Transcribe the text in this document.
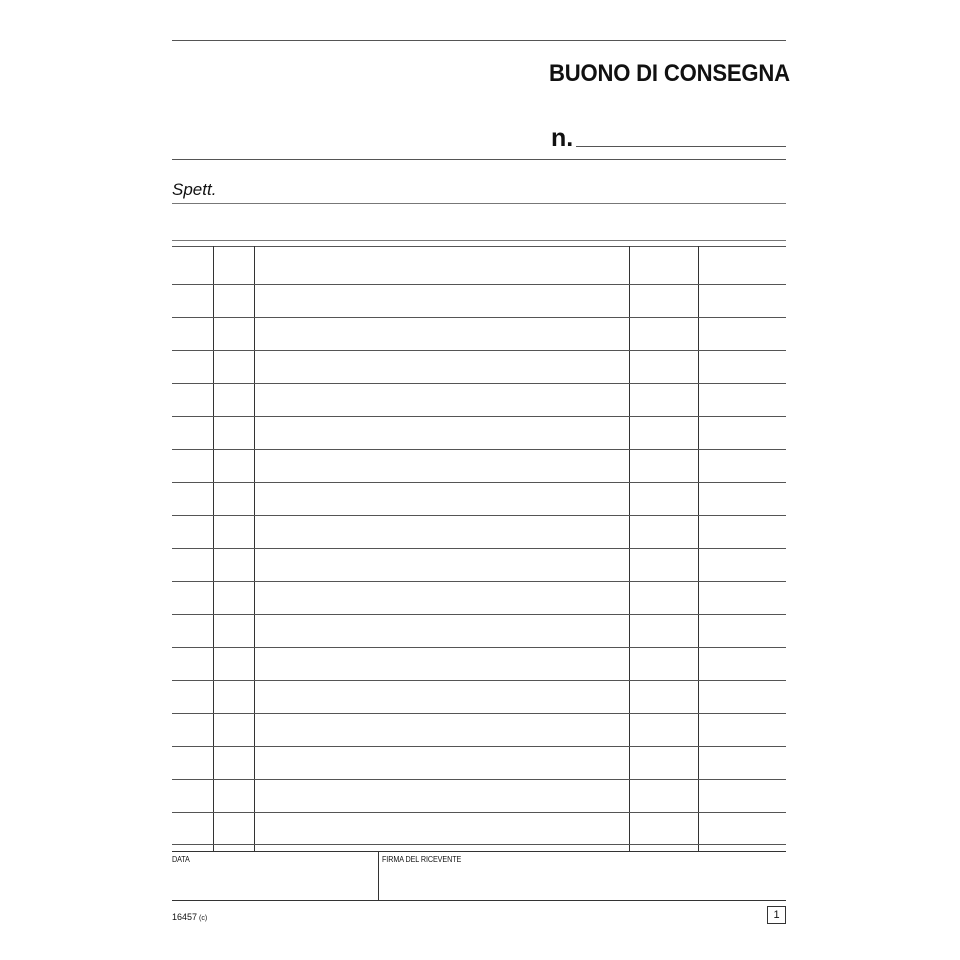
BUONO DI CONSEGNA
n.
Spett.
DATA	FIRMA DEL RICEVENTE
16457 (c)	1
